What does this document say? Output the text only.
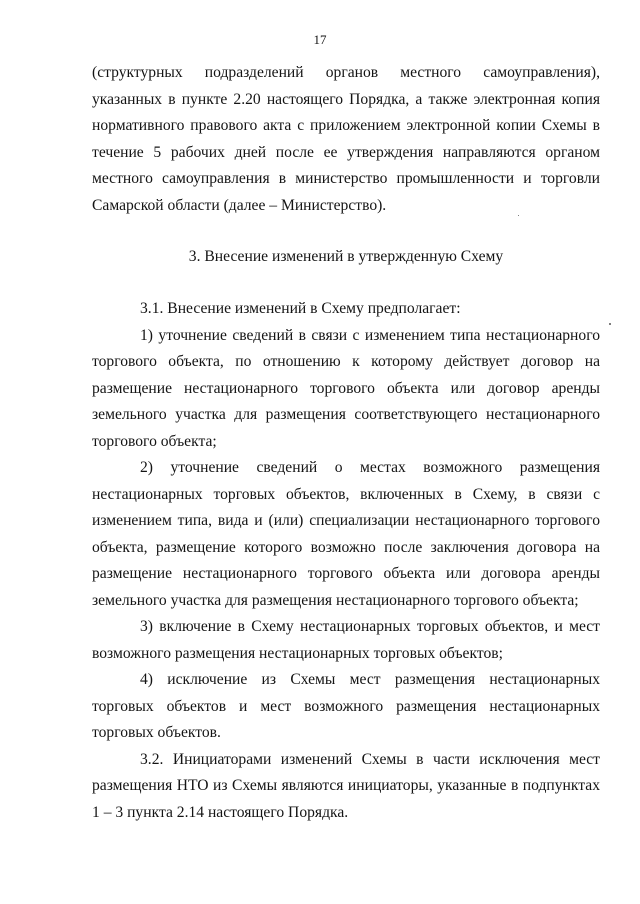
17

(структурных подразделений органов местного самоуправления), указанных в пункте 2.20 настоящего Порядка, а также электронная копия нормативного правового акта с приложением электронной копии Схемы в течение 5 рабочих дней после ее утверждения направляются органом местного самоуправления в министерство промышленности и торговли Самарской области (далее – Министерство).

3. Внесение изменений в утвержденную Схему

3.1. Внесение изменений в Схему предполагает:

1) уточнение сведений в связи с изменением типа нестационарного торгового объекта, по отношению к которому действует договор на размещение нестационарного торгового объекта или договор аренды земельного участка для размещения соответствующего нестационарного торгового объекта;

2) уточнение сведений о местах возможного размещения нестационарных торговых объектов, включенных в Схему, в связи с изменением типа, вида и (или) специализации нестационарного торгового объекта, размещение которого возможно после заключения договора на размещение нестационарного торгового объекта или договора аренды земельного участка для размещения нестационарного торгового объекта;

3) включение в Схему нестационарных торговых объектов, и мест возможного размещения нестационарных торговых объектов;

4) исключение из Схемы мест размещения нестационарных торговых объектов и мест возможного размещения нестационарных торговых объектов.

3.2. Инициаторами изменений Схемы в части исключения мест размещения НТО из Схемы являются инициаторы, указанные в подпунктах 1 – 3 пункта 2.14 настоящего Порядка.
